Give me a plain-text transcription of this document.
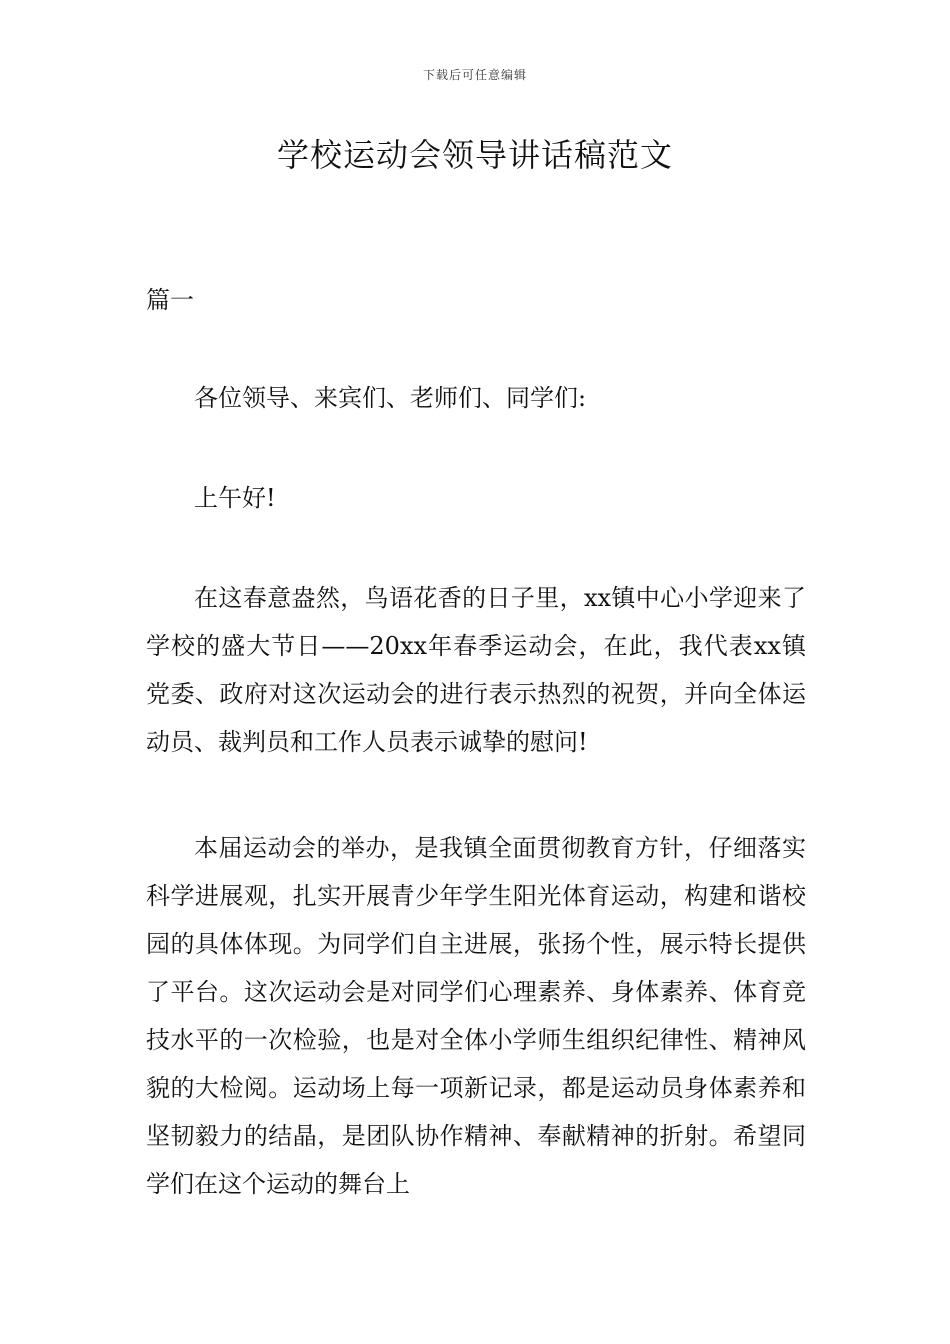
下载后可任意编辑
学校运动会领导讲话稿范文
篇一

各位领导、来宾们、老师们、同学们:

上午好!

在这春意盎然，鸟语花香的日子里，xx镇中心小学迎来了学校的盛大节日——20xx年春季运动会，在此，我代表xx镇党委、政府对这次运动会的进行表示热烈的祝贺，并向全体运动员、裁判员和工作人员表示诚挚的慰问!

本届运动会的举办，是我镇全面贯彻教育方针，仔细落实科学进展观，扎实开展青少年学生阳光体育运动，构建和谐校园的具体体现。为同学们自主进展，张扬个性，展示特长提供了平台。这次运动会是对同学们心理素养、身体素养、体育竞技水平的一次检验，也是对全体小学师生组织纪律性、精神风貌的大检阅。运动场上每一项新记录，都是运动员身体素养和坚韧毅力的结晶，是团队协作精神、奉献精神的折射。希望同学们在这个运动的舞台上
